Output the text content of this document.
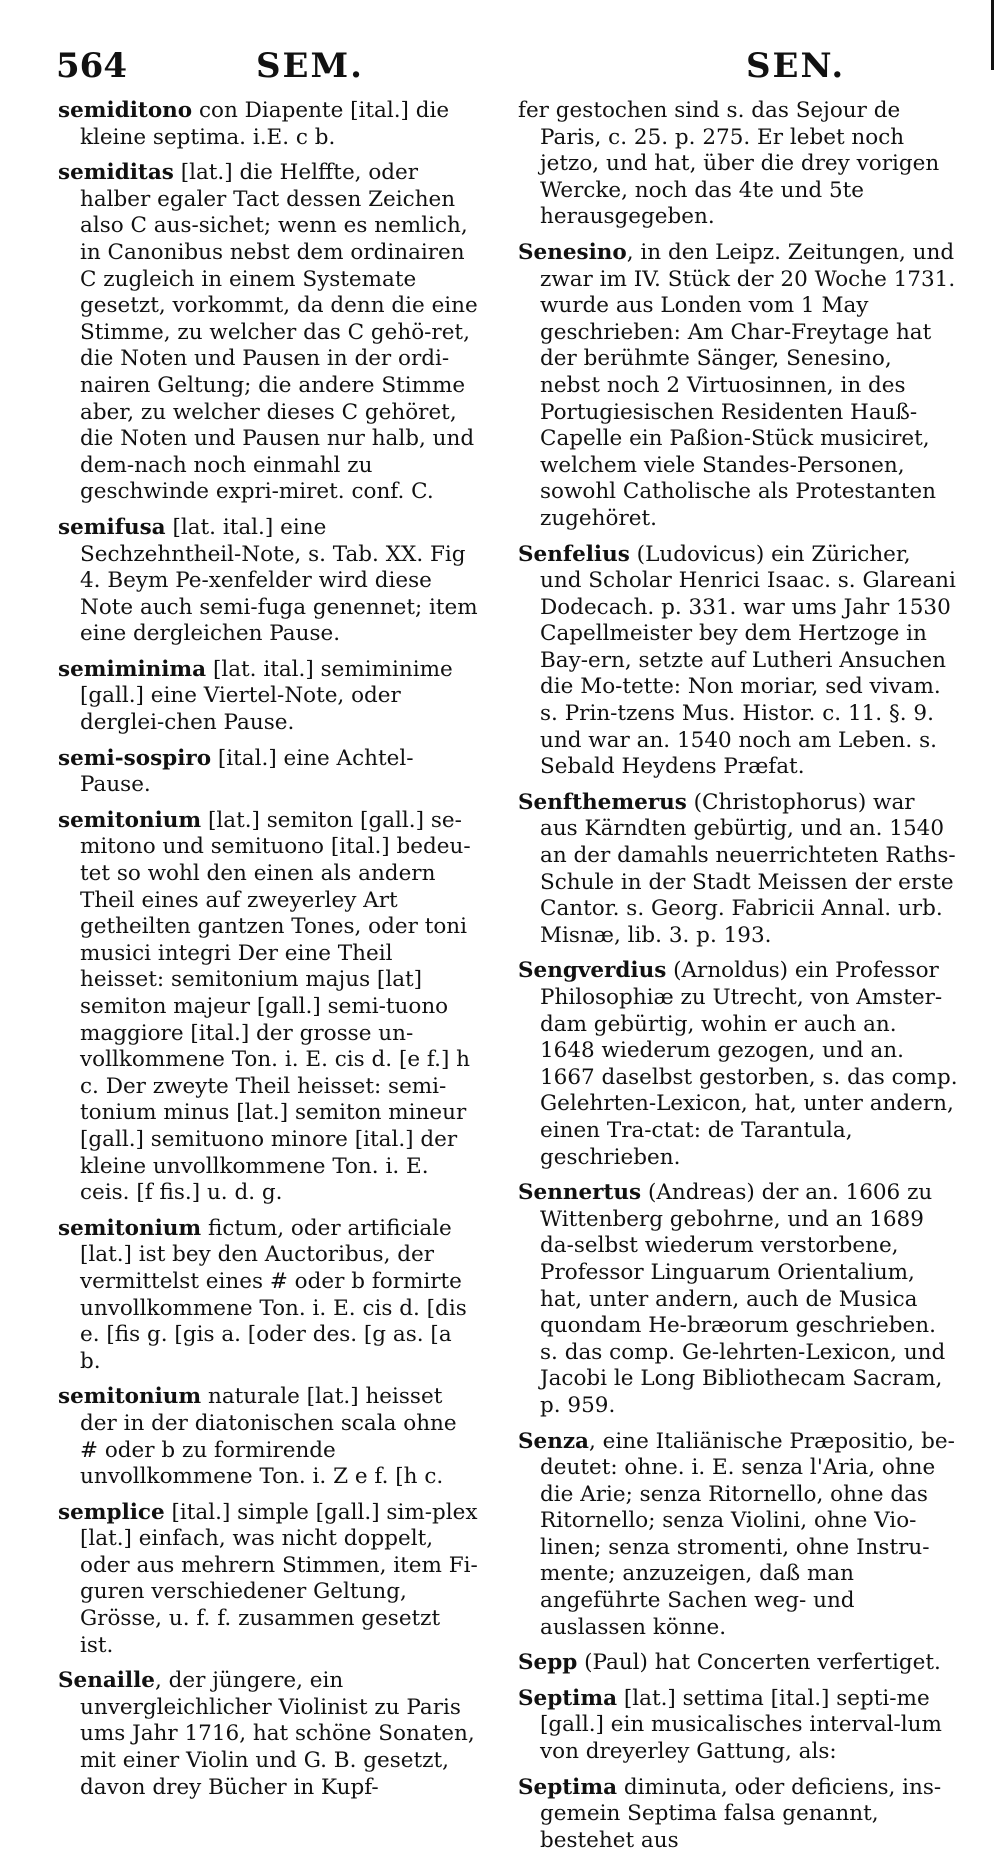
564	SEM.	SEN.

semiditono con Diapente [ital.] die kleine septima. i.E. c b.

semiditas [lat.] die Helffte, oder halber egaler Tact dessen Zeichen also C aus-sichet; wenn es nemlich, in Canonibus nebst dem ordinairen C zugleich in einem Systemate gesetzt, vorkommt, da denn die eine Stimme, zu welcher das C gehö-ret, die Noten und Pausen in der ordi-nairen Geltung; die andere Stimme aber, zu welcher dieses C gehöret, die Noten und Pausen nur halb, und dem-nach noch einmahl zu geschwinde expri-miret. conf. C.

semifusa [lat. ital.] eine Sechzehntheil-Note, s. Tab. XX. Fig 4. Beym Pe-xenfelder wird diese Note auch semi-fuga genennet; item eine dergleichen Pause.

semiminima [lat. ital.] semiminime [gall.] eine Viertel-Note, oder derglei-chen Pause.

semi-sospiro [ital.] eine Achtel-Pause.

semitonium [lat.] semiton [gall.] se-mitono und semituono [ital.] bedeu-tet so wohl den einen als andern Theil eines auf zweyerley Art getheilten gantzen Tones, oder toni musici integri Der eine Theil heisset: semitonium majus [lat] semiton majeur [gall.] semi-tuono maggiore [ital.] der grosse un-vollkommene Ton. i. E. cis d. [e f.] h c. Der zweyte Theil heisset: semi-tonium minus [lat.] semiton mineur [gall.] semituono minore [ital.] der kleine unvollkommene Ton. i. E. ceis. [f fis.] u. d. g.

semitonium fictum, oder artificiale [lat.] ist bey den Auctoribus, der vermittelst eines # oder b formirte unvollkommene Ton. i. E. cis d. [dis e. [fis g. [gis a. [oder des. [g as. [a b.

semitonium naturale [lat.] heisset der in der diatonischen scala ohne # oder b zu formirende unvollkommene Ton. i. Z e f. [h c.

semplice [ital.] simple [gall.] sim-plex [lat.] einfach, was nicht doppelt, oder aus mehrern Stimmen, item Fi-guren verschiedener Geltung, Grösse, u. f. f. zusammen gesetzt ist.

Senaille, der jüngere, ein unvergleichlicher Violinist zu Paris ums Jahr 1716, hat schöne Sonaten, mit einer Violin und G. B. gesetzt, davon drey Bücher in Kupf-

fer gestochen sind s. das Sejour de Paris, c. 25. p. 275. Er lebet noch jetzo, und hat, über die drey vorigen Wercke, noch das 4te und 5te herausgegeben.

Senesino, in den Leipz. Zeitungen, und zwar im IV. Stück der 20 Woche 1731. wurde aus Londen vom 1 May geschrieben: Am Char-Freytage hat der berühmte Sänger, Senesino, nebst noch 2 Virtuosinnen, in des Portugiesischen Residenten Hauß-Capelle ein Paßion-Stück musiciret, welchem viele Standes-Personen, sowohl Catholische als Protestanten zugehöret.

Senfelius (Ludovicus) ein Züricher, und Scholar Henrici Isaac. s. Glareani Dodecach. p. 331. war ums Jahr 1530 Capellmeister bey dem Hertzoge in Bay-ern, setzte auf Lutheri Ansuchen die Mo-tette: Non moriar, sed vivam. s. Prin-tzens Mus. Histor. c. 11. §. 9. und war an. 1540 noch am Leben. s. Sebald Heydens Præfat.

Senfthemerus (Christophorus) war aus Kärndten gebürtig, und an. 1540 an der damahls neuerrichteten Raths-Schule in der Stadt Meissen der erste Cantor. s. Georg. Fabricii Annal. urb. Misnæ, lib. 3. p. 193.

Sengverdius (Arnoldus) ein Professor Philosophiæ zu Utrecht, von Amster-dam gebürtig, wohin er auch an. 1648 wiederum gezogen, und an. 1667 daselbst gestorben, s. das comp. Gelehrten-Lexicon, hat, unter andern, einen Tra-ctat: de Tarantula, geschrieben.

Sennertus (Andreas) der an. 1606 zu Wittenberg gebohrne, und an 1689 da-selbst wiederum verstorbene, Professor Linguarum Orientalium, hat, unter andern, auch de Musica quondam He-bræorum geschrieben. s. das comp. Ge-lehrten-Lexicon, und Jacobi le Long Bibliothecam Sacram, p. 959.

Senza, eine Italiänische Præpositio, be-deutet: ohne. i. E. senza l'Aria, ohne die Arie; senza Ritornello, ohne das Ritornello; senza Violini, ohne Vio-linen; senza stromenti, ohne Instru-mente; anzuzeigen, daß man angeführte Sachen weg- und auslassen könne.

Sepp (Paul) hat Concerten verfertiget.

Septima [lat.] settima [ital.] septi-me [gall.] ein musicalisches interval-lum von dreyerley Gattung, als:

Septima diminuta, oder deficiens, ins-gemein Septima falsa genannt, bestehet aus
